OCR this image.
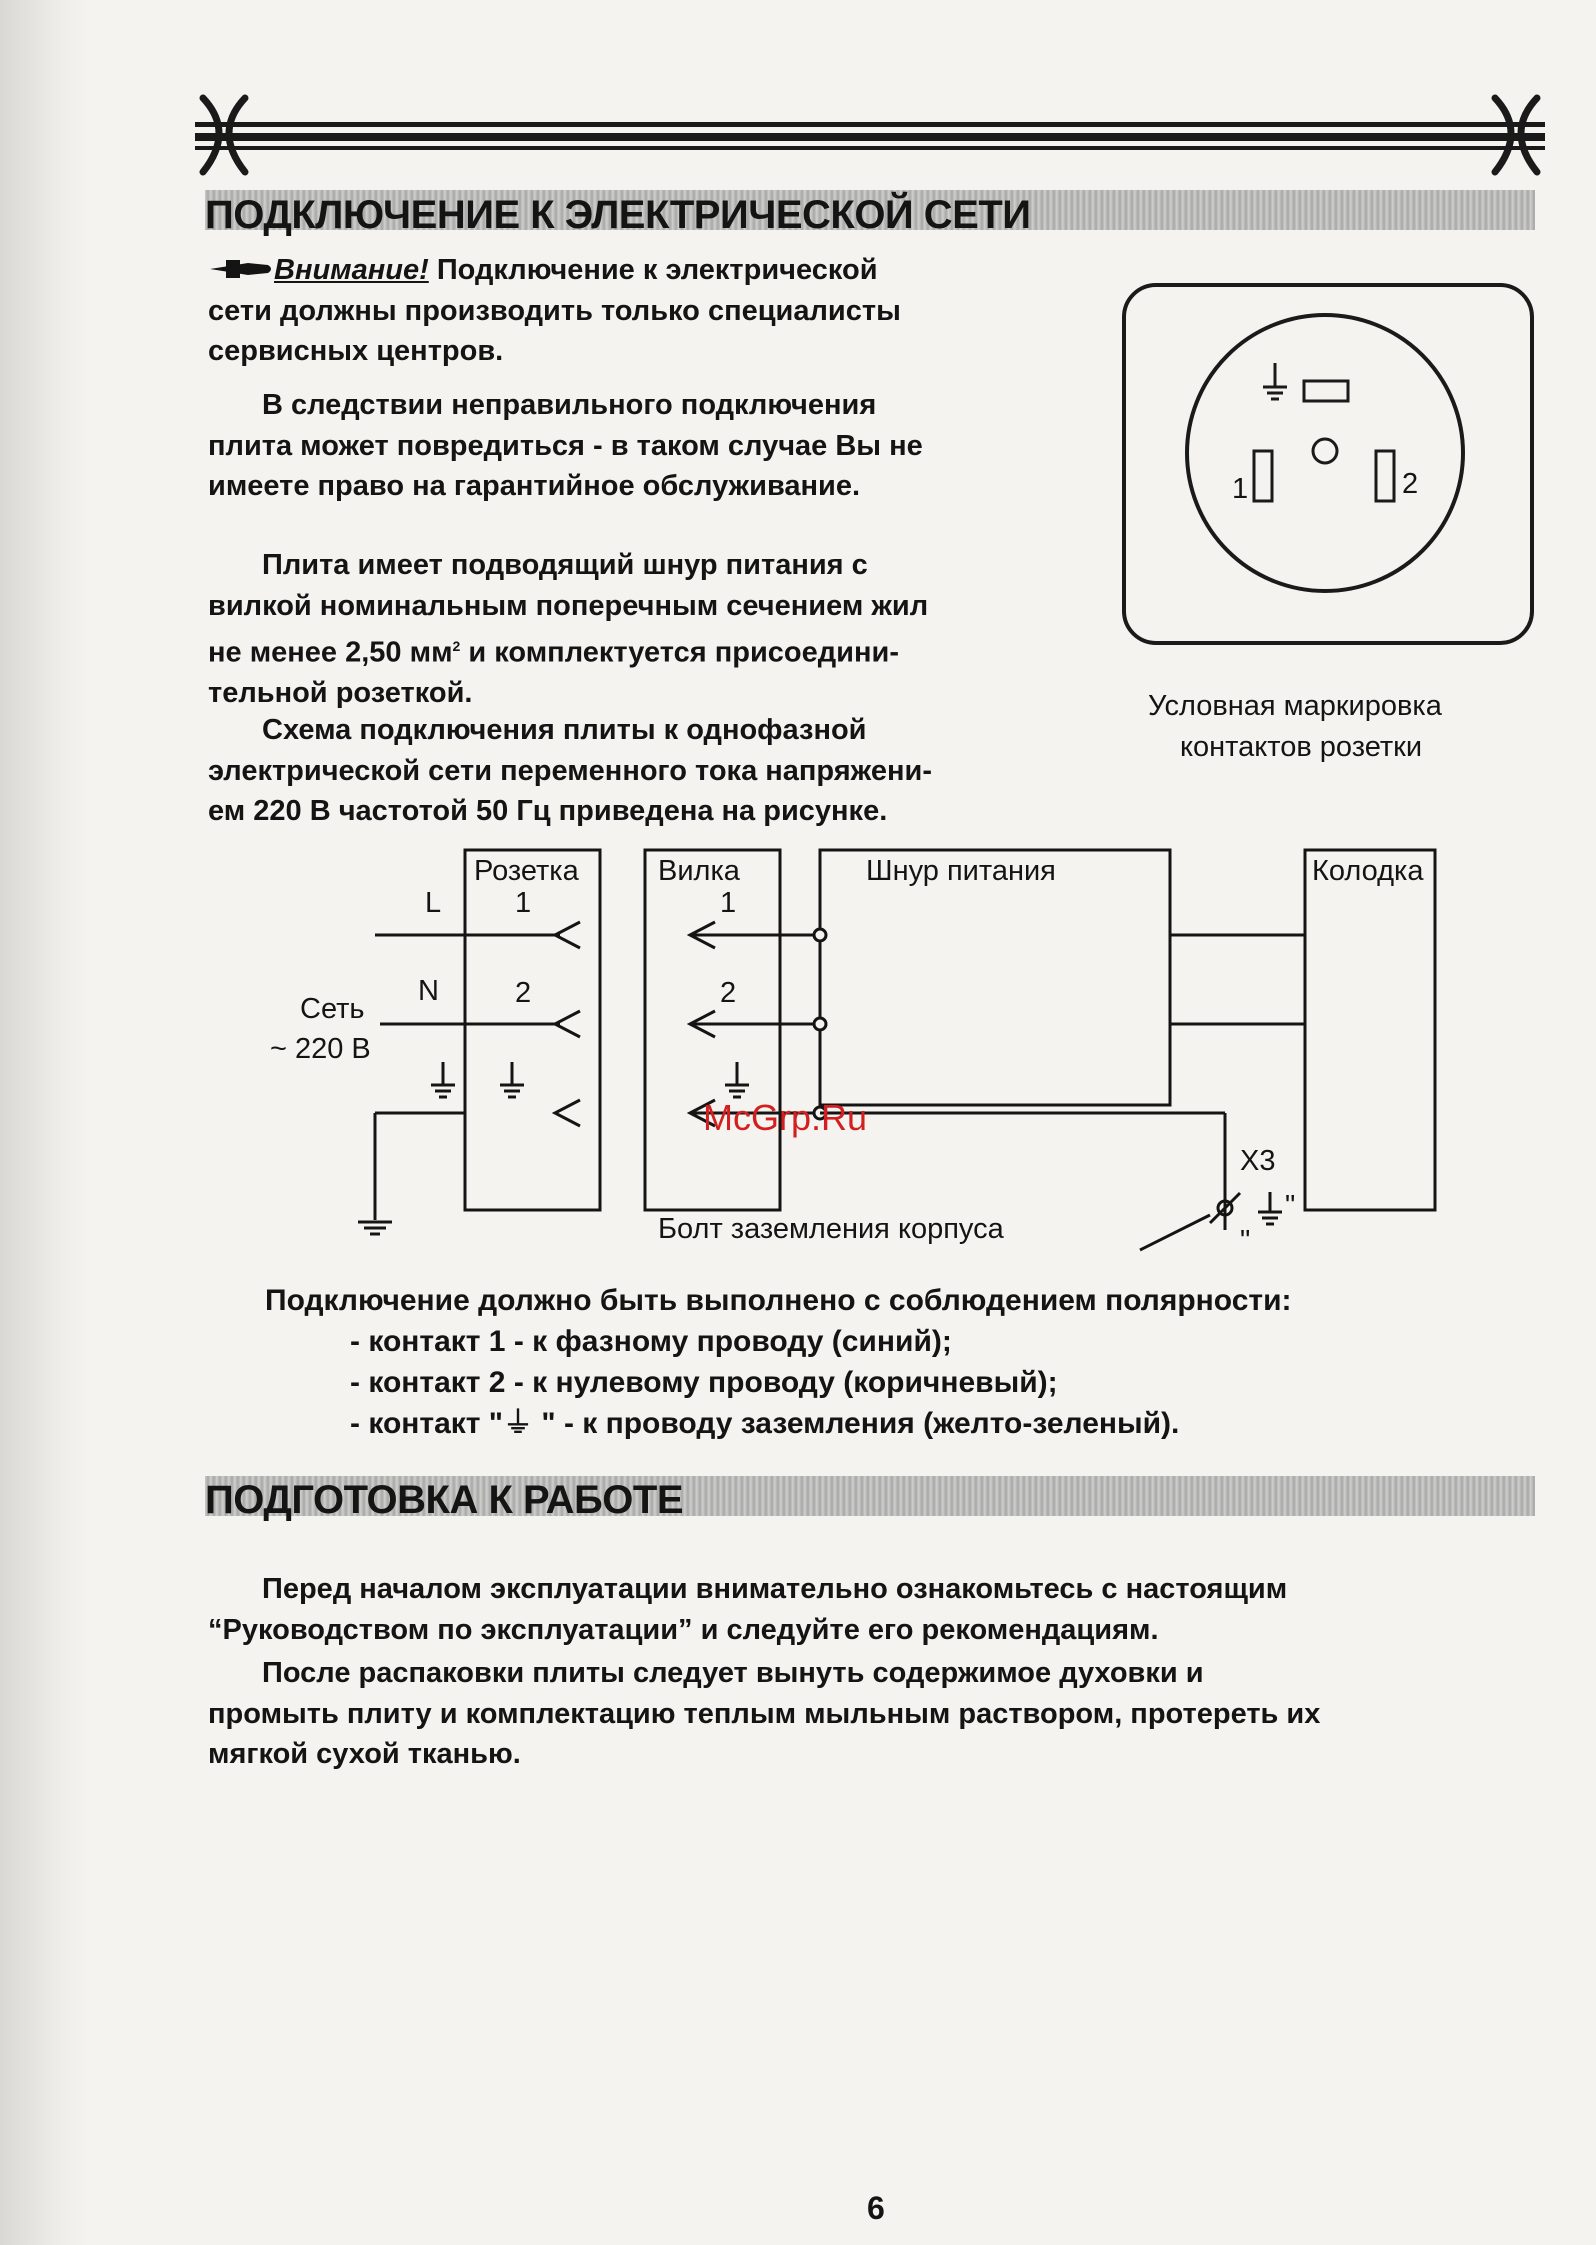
ПОДКЛЮЧЕНИЕ К ЭЛЕКТРИЧЕСКОЙ СЕТИ
Внимание! Подключение к электрической
сети должны производить только специалисты
сервисных центров.
В следствии неправильного подключения
плита может повредиться - в таком случае Вы не
имеете право на гарантийное обслуживание.
Плита имеет подводящий шнур питания с
вилкой номинальным поперечным сечением жил
не менее 2,50 $мм^2$ и комплектуется присоедини-
тельной розеткой.
Схема подключения плиты к однофазной
электрической сети переменного тока напряжени-
ем 220 В частотой 50 Гц приведена на рисунке.
1	2
Условная маркировка
контактов розетки
Розетка	Вилка	Шнур питания	Колодка
L
N
Сеть
~ 220 В
1
2
1
2
Х3
Болт заземления корпуса
"
"
McGrp.Ru
Подключение должно быть выполнено с соблюдением полярности:
- контакт 1 - к фазному проводу (синий);
- контакт 2 - к нулевому проводу (коричневый);
- контакт "⏚ " - к проводу заземления (желто-зеленый).
ПОДГОТОВКА К РАБОТЕ
Перед началом эксплуатации внимательно ознакомьтесь с настоящим
“Руководством по эксплуатации” и следуйте его рекомендациям.
После распаковки плиты следует вынуть содержимое духовки и
промыть плиту и комплектацию теплым мыльным раствором, протереть их
мягкой сухой тканью.
6
